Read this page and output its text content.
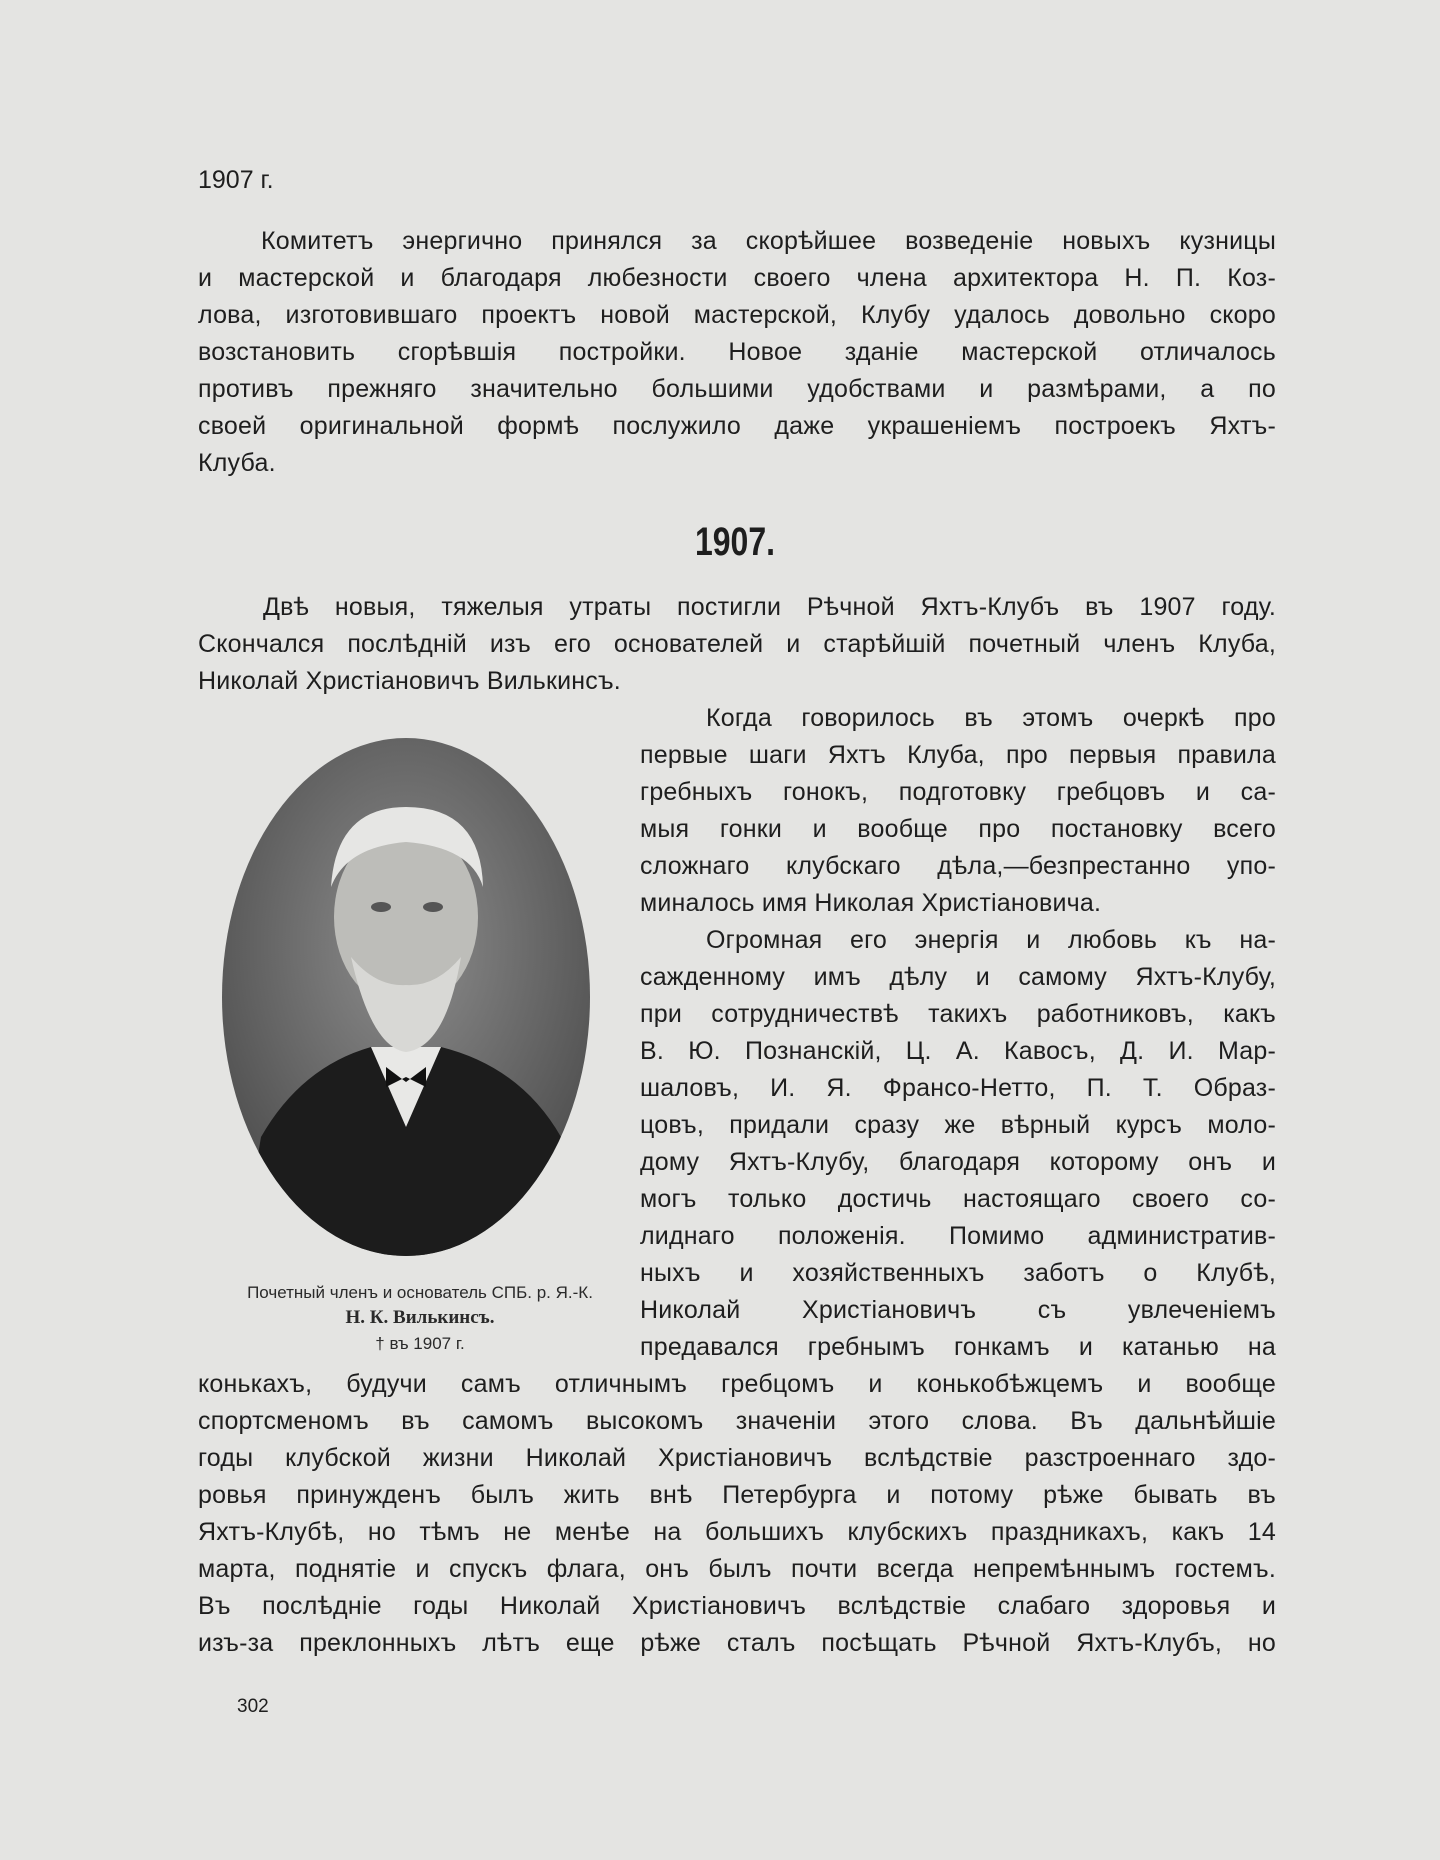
1907 г.
Комитетъ энергично принялся за скорѣйшее возведенiе новыхъ кузницы
и мастерской и благодаря любезности своего члена архитектора Н. П. Коз-
лова, изготовившаго проектъ новой мастерской, Клубу удалось довольно скоро
возстановить сгорѣвшiя постройки. Новое зданiе мастерской отличалось
противъ прежняго значительно большими удобствами и размѣрами, а по
своей оригинальной формѣ послужило даже украшенiемъ построекъ Яхтъ-
Клуба.
1907.
Двѣ новыя, тяжелыя утраты постигли Рѣчной Яхтъ-Клубъ въ 1907 году.
Скончался послѣднiй изъ его основателей и старѣйшiй почетный членъ Клуба,
Николай Христiановичъ Вилькинсъ.
Почетный членъ и основатель СПБ. р. Я.-К.
Н. К. Вилькинсъ.
† въ 1907 г.
Когда говорилось въ этомъ очеркѣ про
первые шаги Яхтъ Клуба, про первыя правила
гребныхъ гонокъ, подготовку гребцовъ и са-
мыя гонки и вообще про постановку всего
сложнаго клубскаго дѣла,—безпрестанно упо-
миналось имя Николая Христiановича.
Огромная его энергiя и любовь къ на-
сажденному имъ дѣлу и самому Яхтъ-Клубу,
при сотрудничествѣ такихъ работниковъ, какъ
В. Ю. Познанскiй, Ц. А. Кавосъ, Д. И. Мар-
шаловъ, И. Я. Франсо-Нетто, П. Т. Образ-
цовъ, придали сразу же вѣрный курсъ моло-
дому Яхтъ-Клубу, благодаря которому онъ и
могъ только достичь настоящаго своего со-
лиднаго положенiя. Помимо административ-
ныхъ и хозяйственныхъ заботъ о Клубѣ,
Николай Христiановичъ съ увлеченiемъ
предавался гребнымъ гонкамъ и катанью на
конькахъ, будучи самъ отличнымъ гребцомъ и конькобѣжцемъ и вообще
спортсменомъ въ самомъ высокомъ значенiи этого слова. Въ дальнѣйшiе
годы клубской жизни Николай Христiановичъ вслѣдствiе разстроеннаго здо-
ровья принужденъ былъ жить внѣ Петербурга и потому рѣже бывать въ
Яхтъ-Клубѣ, но тѣмъ не менѣе на большихъ клубскихъ праздникахъ, какъ 14
марта, поднятiе и спускъ флага, онъ былъ почти всегда непремѣннымъ гостемъ.
Въ послѣднiе годы Николай Христiановичъ вслѣдствiе слабаго здоровья и
изъ-за преклонныхъ лѣтъ еще рѣже сталъ посѣщать Рѣчной Яхтъ-Клубъ, но
302
